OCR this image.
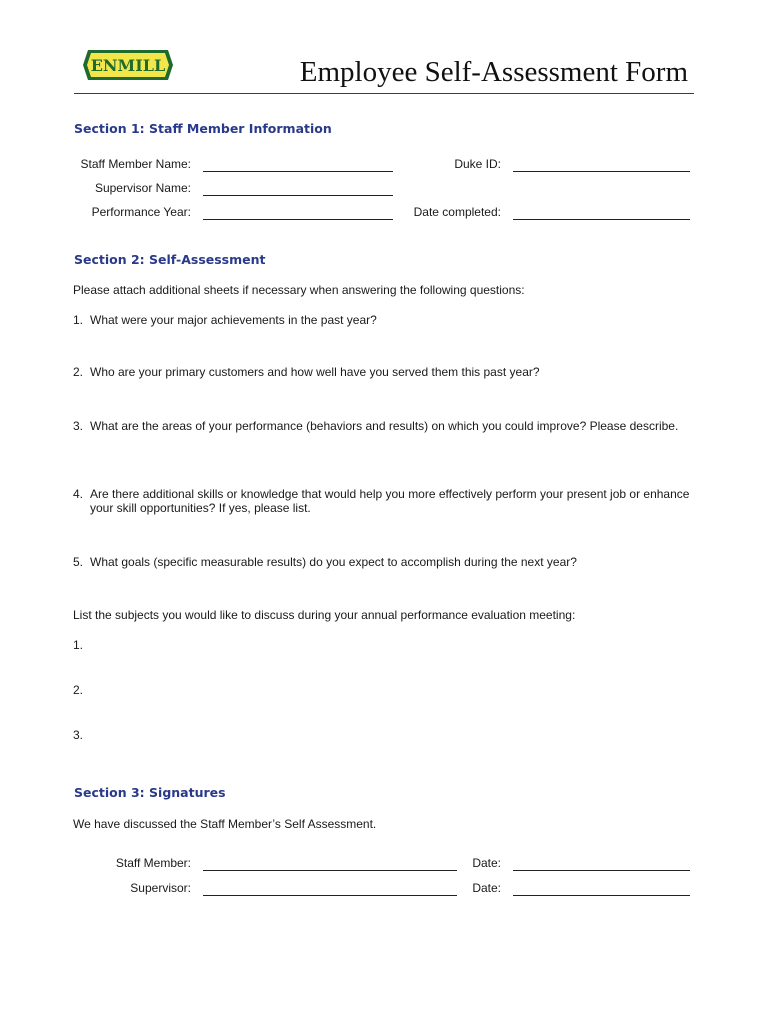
ENMILL	Employee Self-Assessment Form
Section 1: Staff Member Information
Staff Member Name:	Duke ID:
Supervisor Name:
Performance Year:	Date completed:
Section 2: Self-Assessment
Please attach additional sheets if necessary when answering the following questions:
1. What were your major achievements in the past year?
2. Who are your primary customers and how well have you served them this past year?
3. What are the areas of your performance (behaviors and results) on which you could improve? Please describe.
4. Are there additional skills or knowledge that would help you more effectively perform your present job or enhance
your skill opportunities? If yes, please list.
5. What goals (specific measurable results) do you expect to accomplish during the next year?
List the subjects you would like to discuss during your annual performance evaluation meeting:
1.
2.
3.
Section 3: Signatures
We have discussed the Staff Member’s Self Assessment.
Staff Member:	Date:
Supervisor:	Date:
